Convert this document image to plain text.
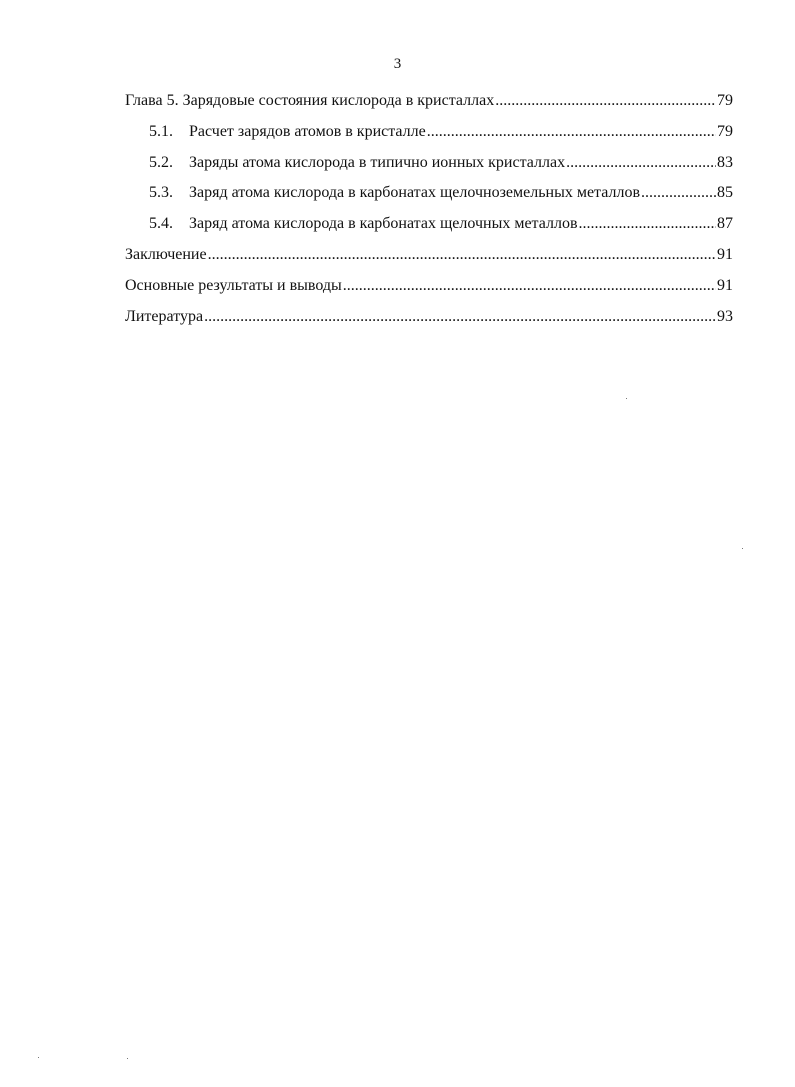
3
Глава 5. Зарядовые состояния кислорода в кристаллах .....	79
5.1.	Расчет зарядов атомов в кристалле .....	79
5.2.	Заряды атома кислорода в типично ионных кристаллах .....	83
5.3.	Заряд атома кислорода в карбонатах щелочноземельных металлов .....	85
5.4.	Заряд атома кислорода в карбонатах щелочных металлов .....	87
Заключение .....	91
Основные результаты и выводы .....	91
Литература .....	93
